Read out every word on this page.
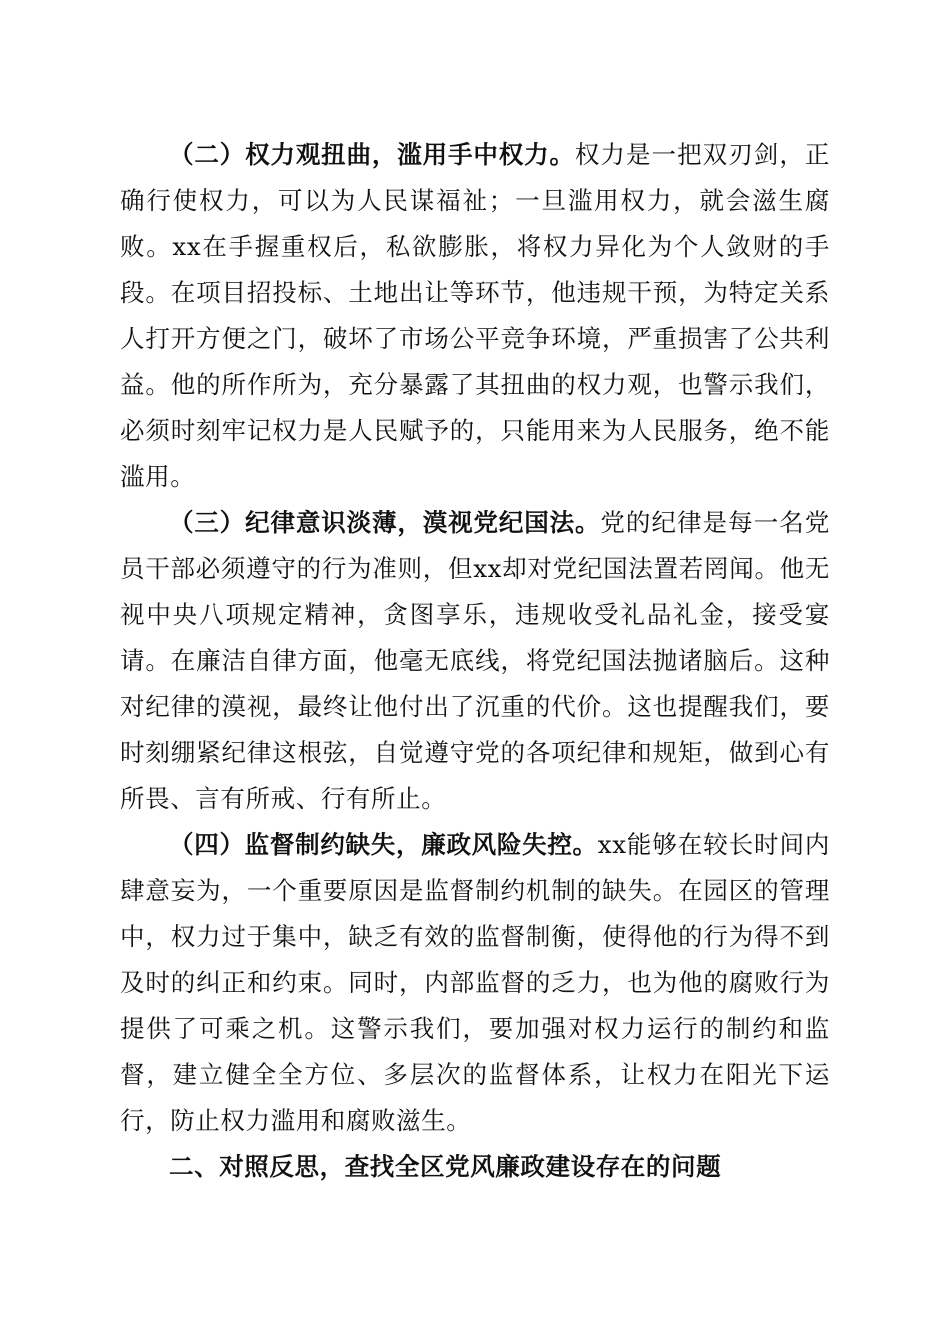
（二）权力观扭曲，滥用手中权力。权力是一把双刃剑，正确行使权力，可以为人民谋福祉；一旦滥用权力，就会滋生腐败。xx在手握重权后，私欲膨胀，将权力异化为个人敛财的手段。在项目招投标、土地出让等环节，他违规干预，为特定关系人打开方便之门，破坏了市场公平竞争环境，严重损害了公共利益。他的所作所为，充分暴露了其扭曲的权力观，也警示我们，必须时刻牢记权力是人民赋予的，只能用来为人民服务，绝不能滥用。

（三）纪律意识淡薄，漠视党纪国法。党的纪律是每一名党员干部必须遵守的行为准则，但xx却对党纪国法置若罔闻。他无视中央八项规定精神，贪图享乐，违规收受礼品礼金，接受宴请。在廉洁自律方面，他毫无底线，将党纪国法抛诸脑后。这种对纪律的漠视，最终让他付出了沉重的代价。这也提醒我们，要时刻绷紧纪律这根弦，自觉遵守党的各项纪律和规矩，做到心有所畏、言有所戒、行有所止。

（四）监督制约缺失，廉政风险失控。xx能够在较长时间内肆意妄为，一个重要原因是监督制约机制的缺失。在园区的管理中，权力过于集中，缺乏有效的监督制衡，使得他的行为得不到及时的纠正和约束。同时，内部监督的乏力，也为他的腐败行为提供了可乘之机。这警示我们，要加强对权力运行的制约和监督，建立健全全方位、多层次的监督体系，让权力在阳光下运行，防止权力滥用和腐败滋生。

二、对照反思，查找全区党风廉政建设存在的问题
